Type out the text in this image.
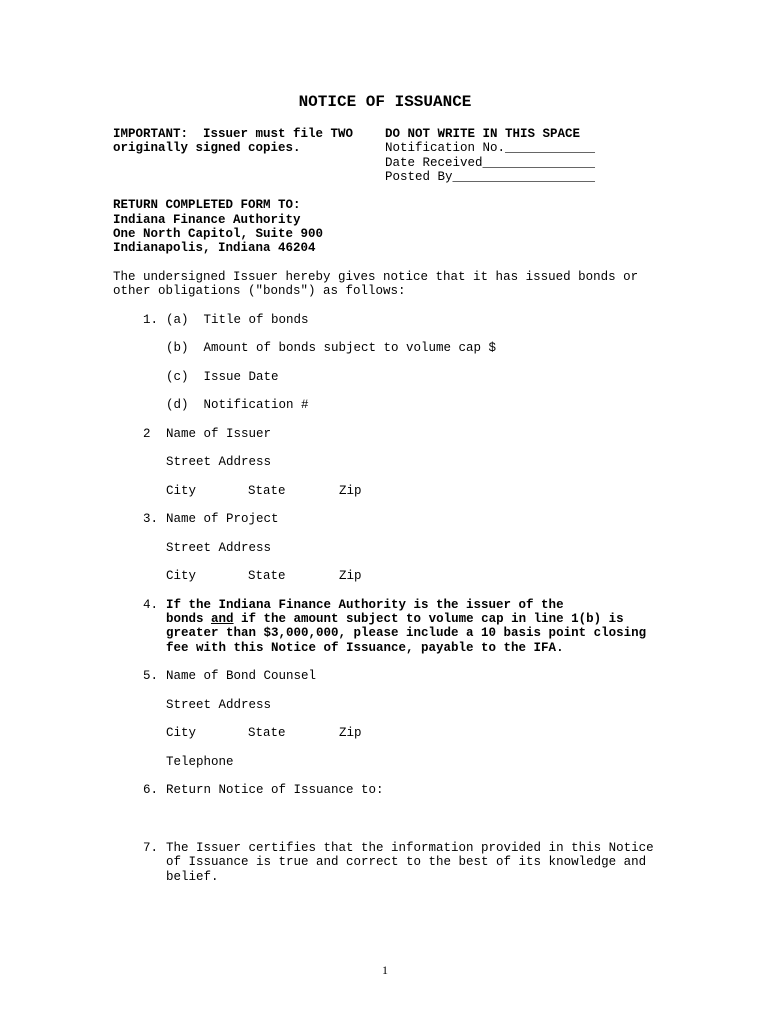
NOTICE OF ISSUANCE
IMPORTANT:  Issuer must file TWO
originally signed copies.
DO NOT WRITE IN THIS SPACE
Notification No.____________
Date Received_______________
Posted By___________________
RETURN COMPLETED FORM TO:
Indiana Finance Authority
One North Capitol, Suite 900
Indianapolis, Indiana 46204
The undersigned Issuer hereby gives notice that it has issued bonds or
other obligations ("bonds") as follows:
1. (a)  Title of bonds
(b)  Amount of bonds subject to volume cap $
(c)  Issue Date
(d)  Notification #
2 Name of Issuer
Street Address
City	State	Zip
3. Name of Project
Street Address
City	State	Zip
4. If the Indiana Finance Authority is the issuer of the
bonds and if the amount subject to volume cap in line 1(b) is
greater than $3,000,000, please include a 10 basis point closing
fee with this Notice of Issuance, payable to the IFA.
5. Name of Bond Counsel
Street Address
City	State	Zip
Telephone
6. Return Notice of Issuance to:
7. The Issuer certifies that the information provided in this Notice
of Issuance is true and correct to the best of its knowledge and
belief.
1
